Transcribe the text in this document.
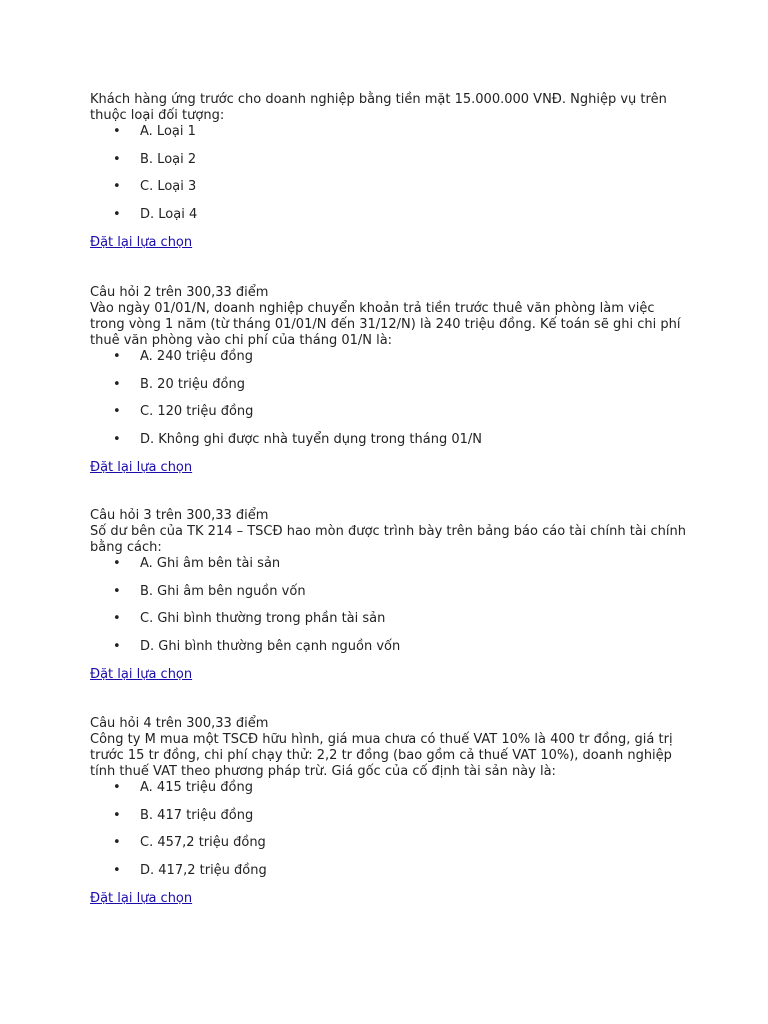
Khách hàng ứng trước cho doanh nghiệp bằng tiền mặt 15.000.000 VNĐ. Nghiệp vụ trên thuộc loại đối tượng:

• A. Loại 1
• B. Loại 2
• C. Loại 3
• D. Loại 4
Đặt lại lựa chọn

Câu hỏi 2 trên 300,33 điểm

Vào ngày 01/01/N, doanh nghiệp chuyển khoản trả tiền trước thuê văn phòng làm việc trong vòng 1 năm (từ tháng 01/01/N đến 31/12/N) là 240 triệu đồng. Kế toán sẽ ghi chi phí thuê văn phòng vào chi phí của tháng 01/N là:

• A. 240 triệu đồng
• B. 20 triệu đồng
• C. 120 triệu đồng
• D. Không ghi được nhà tuyển dụng trong tháng 01/N
Đặt lại lựa chọn

Câu hỏi 3 trên 300,33 điểm

Số dư bên của TK 214 – TSCĐ hao mòn được trình bày trên bảng báo cáo tài chính tài chính bằng cách:

• A. Ghi âm bên tài sản
• B. Ghi âm bên nguồn vốn
• C. Ghi bình thường trong phần tài sản
• D. Ghi bình thường bên cạnh nguồn vốn
Đặt lại lựa chọn

Câu hỏi 4 trên 300,33 điểm

Công ty M mua một TSCĐ hữu hình, giá mua chưa có thuế VAT 10% là 400 tr đồng, giá trị trước 15 tr đồng, chi phí chạy thử: 2,2 tr đồng (bao gồm cả thuế VAT 10%), doanh nghiệp tính thuế VAT theo phương pháp trừ. Giá gốc của cố định tài sản này là:

• A. 415 triệu đồng
• B. 417 triệu đồng
• C. 457,2 triệu đồng
• D. 417,2 triệu đồng
Đặt lại lựa chọn
